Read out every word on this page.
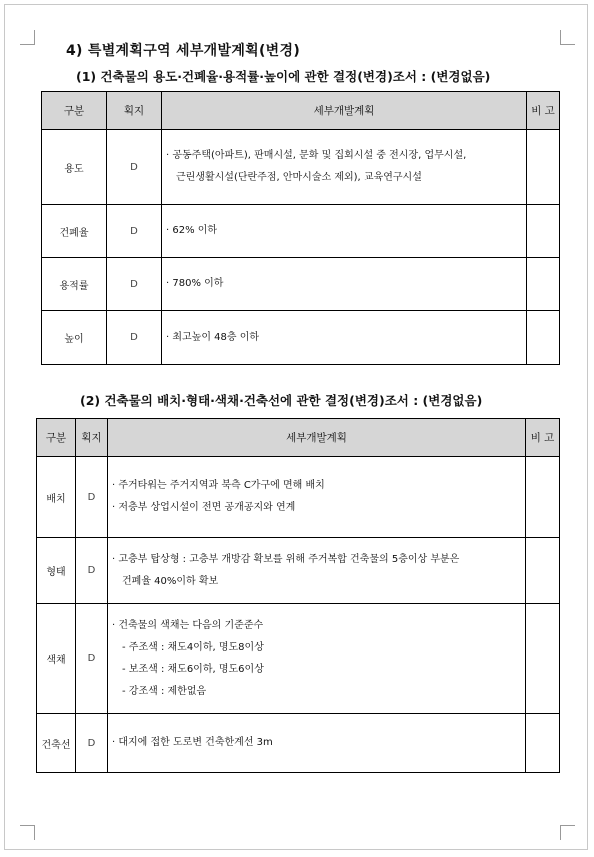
4) 특별계획구역 세부개발계획(변경)
(1) 건축물의 용도·건폐율·용적률·높이에 관한 결정(변경)조서 : (변경없음)
구분	획지	세부개발계획	비 고
용도	D	· 공동주택(아파트), 판매시설, 문화 및 집회시설 중 전시장, 업무시설,
근린생활시설(단란주점, 안마시술소 제외), 교육연구시설	

건폐율	D	· 62% 이하	

용적률	D	· 780% 이하	

높이	D	· 최고높이 48층 이하	

(2) 건축물의 배치·형태·색채·건축선에 관한 결정(변경)조서 : (변경없음)
구분	획지	세부개발계획	비 고
배치	D	· 주거타워는 주거지역과 북측 C가구에 면해 배치
· 저층부 상업시설이 전면 공개공지와 연계	

형태	D	· 고층부 탑상형 : 고층부 개방감 확보를 위해 주거복합 건축물의 5층이상 부분은
건폐율 40%이하 확보	

색채	D	· 건축물의 색채는 다음의 기준준수
- 주조색 : 채도4이하, 명도8이상
- 보조색 : 채도6이하, 명도6이상
- 강조색 : 제한없음	

건축선	D	· 대지에 접한 도로변 건축한계선 3m	
